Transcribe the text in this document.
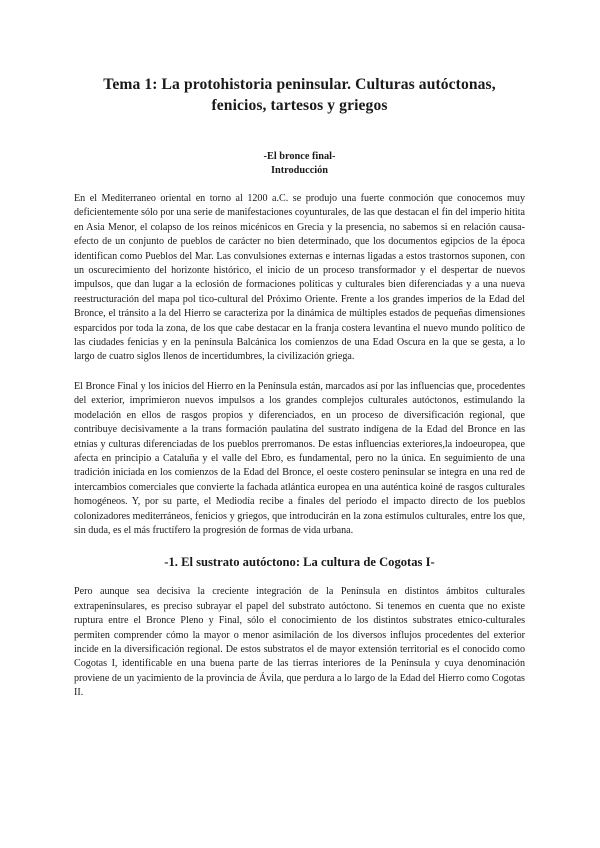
Tema 1: La protohistoria peninsular. Culturas autóctonas,
fenicios, tartesos y griegos
-El bronce final-
Introducción

En el Mediterraneo oriental en torno al 1200 a.C. se produjo una fuerte conmoción que conocemos muy deficientemente sólo por una serie de manifestaciones coyunturales, de las que destacan el fin del imperio hitita en Asia Menor, el colapso de los reinos micénicos en Grecia y la presencia, no sabemos si en relación causa-efecto de un conjunto de pueblos de carácter no bien determinado, que los documentos egipcios de la época identifican como Pueblos del Mar. Las convulsiones externas e internas ligadas a estos trastornos suponen, con un oscurecimiento del horizonte histórico, el inicio de un proceso transformador y el despertar de nuevos impulsos, que dan lugar a la eclosión de formaciones políticas y culturales bien diferenciadas y a una nueva reestructuración del mapa pol tico-cultural del Próximo Oriente. Frente a los grandes imperios de la Edad del Bronce, el tránsito a la del Hierro se caracteriza por la dinámica de múltiples estados de pequeñas dimensiones esparcidos por toda la zona, de los que cabe destacar en la franja costera levantina el nuevo mundo político de las ciudades fenicias y en la península Balcánica los comienzos de una Edad Oscura en la que se gesta, a lo largo de cuatro siglos llenos de incertidumbres, la civilización griega.

El Bronce Final y los inicios del Hierro en la Península están, marcados así por las influencias que, procedentes del exterior, imprimieron nuevos impulsos a los grandes complejos culturales autóctonos, estimulando la modelación en ellos de rasgos propios y diferenciados, en un proceso de diversificación regional, que contribuye decisivamente a la trans formación paulatina del sustrato indígena de la Edad del Bronce en las etnias y culturas diferenciadas de los pueblos prerromanos. De estas influencias exteriores,la indoeuropea, que afecta en principio a Cataluña y el valle del Ebro, es fundamental, pero no la única. En seguimiento de una tradición iniciada en los comienzos de la Edad del Bronce, el oeste costero peninsular se integra en una red de intercambios comerciales que convierte la fachada atlántica europea en una auténtica koiné de rasgos culturales homogéneos. Y, por su parte, el Mediodía recibe a finales del período el impacto directo de los pueblos colonizadores mediterráneos, fenicios y griegos, que introducirán en la zona estímulos culturales, entre los que, sin duda, es el más fructífero la progresión de formas de vida urbana.

-1. El sustrato autóctono: La cultura de Cogotas I-

Pero aunque sea decisiva la creciente integración de la Península en distintos ámbitos culturales extrapeninsulares, es preciso subrayar el papel del substrato autóctono. Si tenemos en cuenta que no existe ruptura entre el Bronce Pleno y Final, sólo el conocimiento de los distintos substrates etnico-culturales permiten comprender cómo la mayor o menor asimilación de los diversos influjos procedentes del exterior incide en la diversificación regional. De estos substratos el de mayor extensión territorial es el conocido como Cogotas I, identificable en una buena parte de las tierras interiores de la Península y cuya denominación proviene de un yacimiento de la provincia de Ávila, que perdura a lo largo de la Edad del Hierro como Cogotas II.
